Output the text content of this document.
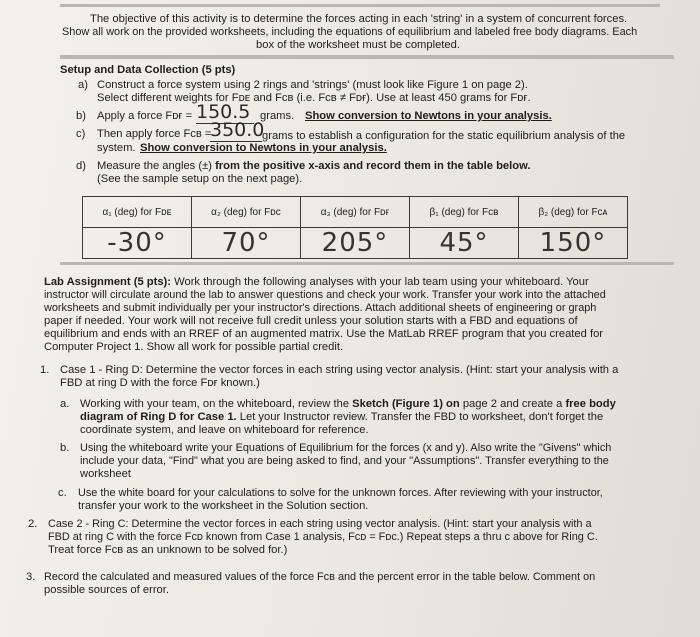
The objective of this activity is to determine the forces acting in each 'string' in a system of concurrent forces.
Show all work on the provided worksheets, including the equations of equilibrium and labeled free body diagrams. Each
box of the worksheet must be completed.
Setup and Data Collection (5 pts)
a) Construct a force system using 2 rings and 'strings' (must look like Figure 1 on page 2).
Select different weights for Fᴅᴇ and Fᴄʙ (i.e. Fᴄʙ ≠ Fᴅғ). Use at least 450 grams for Fᴅғ.
b) Apply a force Fᴅғ = 150.5 grams. Show conversion to Newtons in your analysis.
c) Then apply force Fᴄʙ =
350.0
grams to establish a configuration for the static equilibrium analysis of the
system. Show conversion to Newtons in your analysis.
d) Measure the angles (±) from the positive x-axis and record them in the table below.
(See the sample setup on the next page).
α₁ (deg) for Fᴅᴇ	α₂ (deg) for Fᴅᴄ	α₃ (deg) for Fᴅғ	β₁ (deg) for Fᴄʙ	β₂ (deg) for Fᴄᴀ
-30°	70°	205°	45°	150°
Lab Assignment (5 pts): Work through the following analyses with your lab team using your whiteboard. Your
instructor will circulate around the lab to answer questions and check your work. Transfer your work into the attached
worksheets and submit individually per your instructor's directions. Attach additional sheets of engineering or graph
paper if needed. Your work will not receive full credit unless your solution starts with a FBD and equations of
equilibrium and ends with an RREF of an augmented matrix. Use the MatLab RREF program that you created for
Computer Project 1. Show all work for possible partial credit.
1. Case 1 - Ring D: Determine the vector forces in each string using vector analysis. (Hint: start your analysis with a
FBD at ring D with the force Fᴅғ known.)
a. Working with your team, on the whiteboard, review the Sketch (Figure 1) on page 2 and create a free body
diagram of Ring D for Case 1. Let your Instructor review. Transfer the FBD to worksheet, don't forget the
coordinate system, and leave on whiteboard for reference.
b. Using the whiteboard write your Equations of Equilibrium for the forces (x and y). Also write the "Givens" which
include your data, "Find" what you are being asked to find, and your "Assumptions". Transfer everything to the
worksheet
c. Use the white board for your calculations to solve for the unknown forces. After reviewing with your instructor,
transfer your work to the worksheet in the Solution section.
2. Case 2 - Ring C: Determine the vector forces in each string using vector analysis. (Hint: start your analysis with a
FBD at ring C with the force Fᴄᴅ known from Case 1 analysis, Fᴄᴅ = Fᴅᴄ.) Repeat steps a thru c above for Ring C.
Treat force Fᴄʙ as an unknown to be solved for.)
3. Record the calculated and measured values of the force Fᴄʙ and the percent error in the table below. Comment on
possible sources of error.
